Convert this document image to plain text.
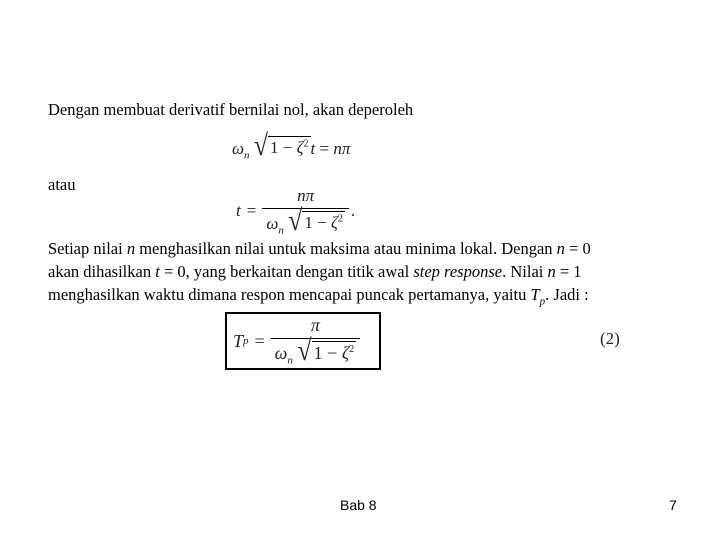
Dengan membuat derivatif bernilai nol, akan deperoleh
$\omega_n$ √ $1 - \zeta^2$ t = nπ
atau
$t = \frac{n\pi}{\omega_n √ 1 - \zeta^2}$ .
Setiap nilai n menghasilkan nilai untuk maksima atau minima lokal. Dengan n = 0
akan dihasilkan t = 0, yang berkaitan dengan titik awal step response. Nilai n = 1
menghasilkan waktu dimana respon mencapai puncak pertamanya, yaitu $T_p$. Jadi :
T $p = \frac{\pi}{\omega_n √ 1 - \zeta^2}$	(2)
Bab 8	7
